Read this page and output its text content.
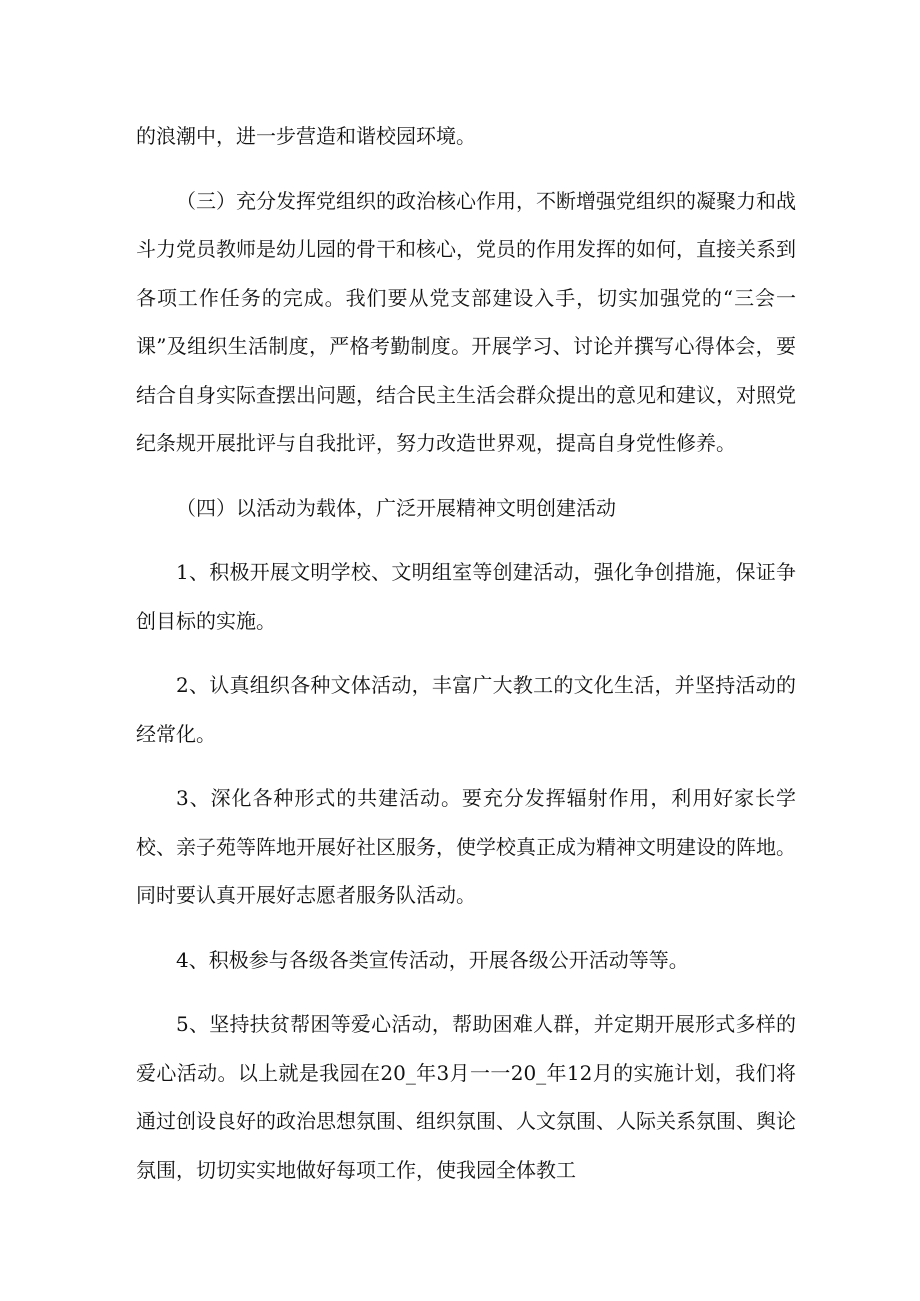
的浪潮中，进一步营造和谐校园环境。

（三）充分发挥党组织的政治核心作用，不断增强党组织的凝聚力和战斗力党员教师是幼儿园的骨干和核心，党员的作用发挥的如何，直接关系到各项工作任务的完成。我们要从党支部建设入手，切实加强党的“三会一课”及组织生活制度，严格考勤制度。开展学习、讨论并撰写心得体会，要结合自身实际查摆出问题，结合民主生活会群众提出的意见和建议，对照党纪条规开展批评与自我批评，努力改造世界观，提高自身党性修养。

（四）以活动为载体，广泛开展精神文明创建活动

1、积极开展文明学校、文明组室等创建活动，强化争创措施，保证争创目标的实施。

2、认真组织各种文体活动，丰富广大教工的文化生活，并坚持活动的经常化。

3、深化各种形式的共建活动。要充分发挥辐射作用，利用好家长学校、亲子苑等阵地开展好社区服务，使学校真正成为精神文明建设的阵地。同时要认真开展好志愿者服务队活动。

4、积极参与各级各类宣传活动，开展各级公开活动等等。

5、坚持扶贫帮困等爱心活动，帮助困难人群，并定期开展形式多样的爱心活动。以上就是我园在20_年3月一一20_年12月的实施计划，我们将通过创设良好的政治思想氛围、组织氛围、人文氛围、人际关系氛围、舆论氛围，切切实实地做好每项工作，使我园全体教工
